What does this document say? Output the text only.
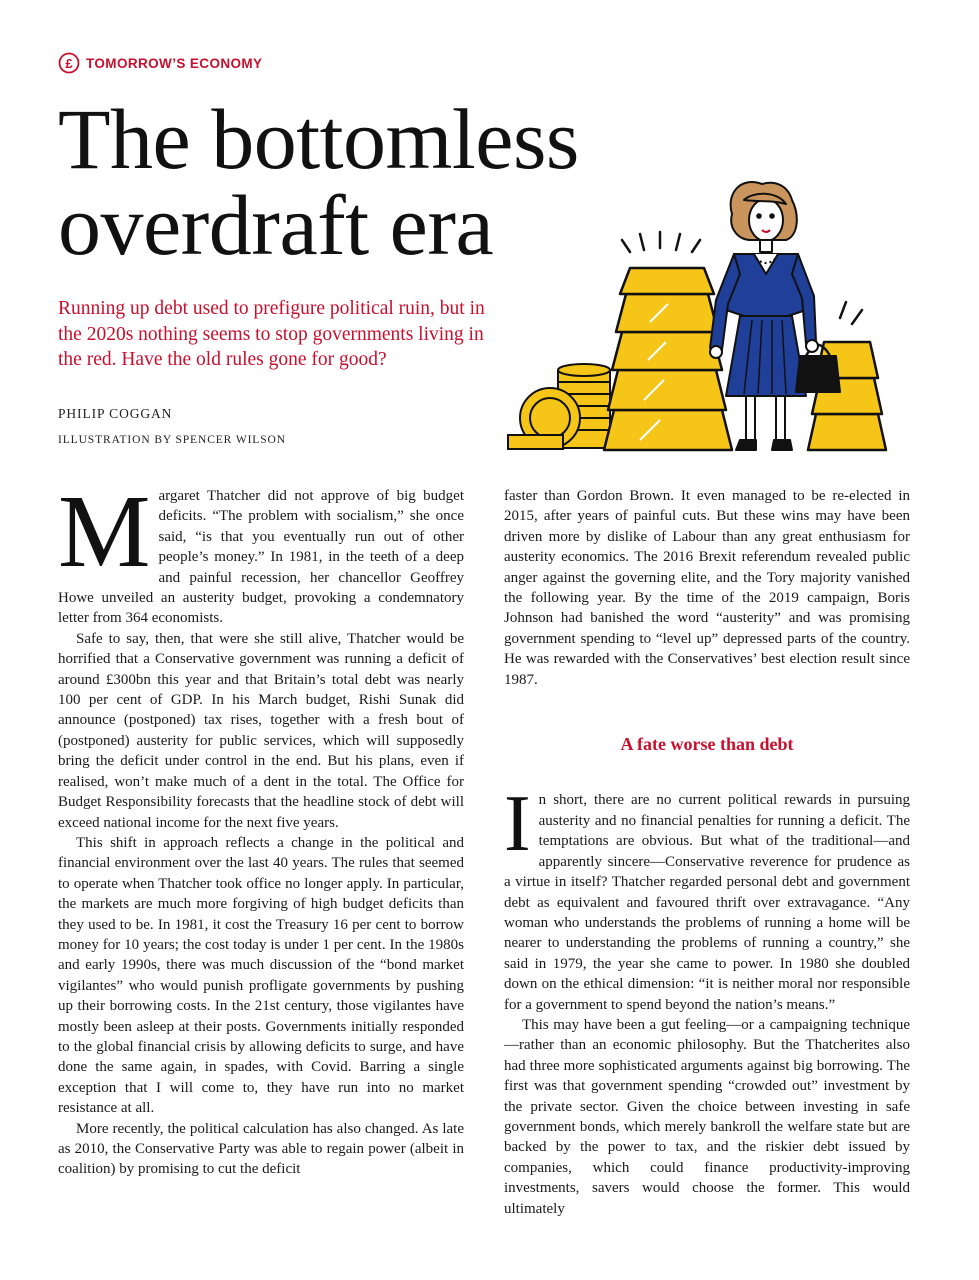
£ TOMORROW’S ECONOMY
The bottomless
overdraft era

Running up debt used to prefigure political ruin, but in the 2020s nothing seems to stop governments living in the red. Have the old rules gone for good?

PHILIP COGGAN

ILLUSTRATION BY SPENCER WILSON

Margaret Thatcher did not approve of big budget deficits. “The problem with socialism,” she once said, “is that you eventually run out of other people’s money.” In 1981, in the teeth of a deep and painful recession, her chancellor Geoffrey Howe unveiled an austerity budget, provoking a condemnatory letter from 364 economists.

Safe to say, then, that were she still alive, Thatcher would be horrified that a Conservative government was running a deficit of around £300bn this year and that Britain’s total debt was nearly 100 per cent of GDP. In his March budget, Rishi Sunak did announce (postponed) tax rises, together with a fresh bout of (postponed) austerity for public services, which will supposedly bring the deficit under control in the end. But his plans, even if realised, won’t make much of a dent in the total. The Office for Budget Responsibility forecasts that the headline stock of debt will exceed national income for the next five years.

This shift in approach reflects a change in the political and financial environment over the last 40 years. The rules that seemed to operate when Thatcher took office no longer apply. In particular, the markets are much more forgiving of high budget deficits than they used to be. In 1981, it cost the Treasury 16 per cent to borrow money for 10 years; the cost today is under 1 per cent. In the 1980s and early 1990s, there was much discussion of the “bond market vigilantes” who would punish profligate governments by pushing up their borrowing costs. In the 21st century, those vigilantes have mostly been asleep at their posts. Governments initially responded to the global financial crisis by allowing deficits to surge, and have done the same again, in spades, with Covid. Barring a single exception that I will come to, they have run into no market resistance at all.

More recently, the political calculation has also changed. As late as 2010, the Conservative Party was able to regain power (albeit in coalition) by promising to cut the deficit

faster than Gordon Brown. It even managed to be re-elected in 2015, after years of painful cuts. But these wins may have been driven more by dislike of Labour than any great enthusiasm for austerity economics. The 2016 Brexit referendum revealed public anger against the governing elite, and the Tory majority vanished the following year. By the time of the 2019 campaign, Boris Johnson had banished the word “austerity” and was promising government spending to “level up” depressed parts of the country. He was rewarded with the Conservatives’ best election result since 1987.

A fate worse than debt

In short, there are no current political rewards in pursuing austerity and no financial penalties for running a deficit. The temptations are obvious. But what of the traditional—and apparently sincere—Conservative reverence for prudence as a virtue in itself? Thatcher regarded personal debt and government debt as equivalent and favoured thrift over extravagance. “Any woman who understands the problems of running a home will be nearer to understanding the problems of running a country,” she said in 1979, the year she came to power. In 1980 she doubled down on the ethical dimension: “it is neither moral nor responsible for a government to spend beyond the nation’s means.”

This may have been a gut feeling—or a campaigning technique—rather than an economic philosophy. But the Thatcherites also had three more sophisticated arguments against big borrowing. The first was that government spending “crowded out” investment by the private sector. Given the choice between investing in safe government bonds, which merely bankroll the welfare state but are backed by the power to tax, and the riskier debt issued by companies, which could finance productivity-improving investments, savers would choose the former. This would ultimately
